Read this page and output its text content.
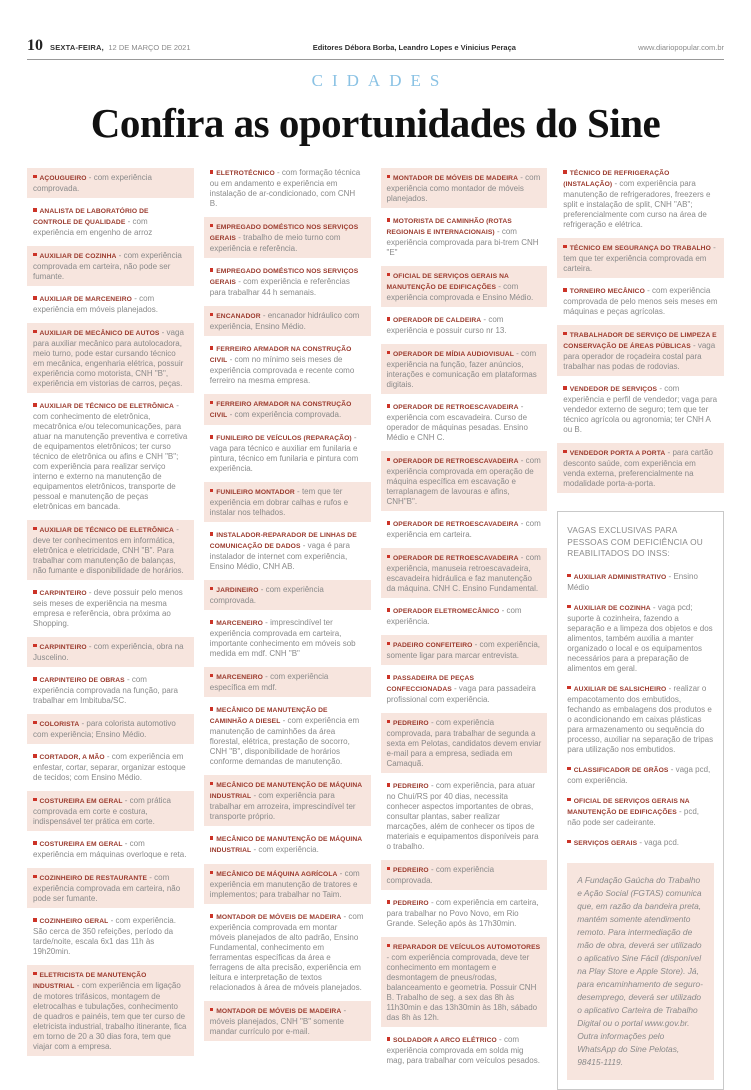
10 SEXTA-FEIRA, 12 DE MARÇO DE 2021	Editores Débora Borba, Leandro Lopes e Vinicius Peraça	www.diariopopular.com.br
CIDADES
Confira as oportunidades do Sine

AÇOUGUEIRO - com experiência comprovada.

ANALISTA DE LABORATÓRIO DE CONTROLE DE QUALIDADE - com experiência em engenho de arroz

AUXILIAR DE COZINHA - com experiência comprovada em carteira, não pode ser fumante.

AUXILIAR DE MARCENEIRO - com experiência em móveis planejados.

AUXILIAR DE MECÂNICO DE AUTOS - vaga para auxiliar mecânico para autolocadora, meio turno, pode estar cursando técnico em mecânica, engenharia elétrica, possuir experiência como motorista, CNH "B", experiência em vistorias de carros, peças.

AUXILIAR DE TÉCNICO DE ELETRÔNICA - com conhecimento de eletrônica, mecatrônica e/ou telecomunicações, para atuar na manutenção preventiva e corretiva de equipamentos eletrônicos; ter curso técnico de eletrônica ou afins e CNH "B"; com experiência para realizar serviço interno e externo na manutenção de equipamentos eletrônicos, transporte de pessoal e manutenção de peças eletrônicas em bancada.

AUXILIAR DE TÉCNICO DE ELETRÔNICA - deve ter conhecimentos em informática, eletrônica e eletricidade, CNH "B". Para trabalhar com manutenção de balanças, não fumante e disponibilidade de horários.

CARPINTEIRO - deve possuir pelo menos seis meses de experiência na mesma empresa e referência, obra próxima ao Shopping.

CARPINTEIRO - com experiência, obra na Juscelino.

CARPINTEIRO DE OBRAS - com experiência comprovada na função, para trabalhar em Imbituba/SC.

COLORISTA - para colorista automotivo com experiência; Ensino Médio.

CORTADOR, A MÃO - com experiência em enfestar, cortar, separar, organizar estoque de tecidos; com Ensino Médio.

COSTUREIRA EM GERAL - com prática comprovada em corte e costura, indispensável ter prática em corte.

COSTUREIRA EM GERAL - com experiência em máquinas overloque e reta.

COZINHEIRO DE RESTAURANTE - com experiência comprovada em carteira, não pode ser fumante.

COZINHEIRO GERAL - com experiência. São cerca de 350 refeições, período da tarde/noite, escala 6x1 das 11h às 19h20min.

ELETRICISTA DE MANUTENÇÃO INDUSTRIAL - com experiência em ligação de motores trifásicos, montagem de eletrocalhas e tubulações, conhecimento de quadros e painéis, tem que ter curso de eletricista industrial, trabalho itinerante, fica em torno de 20 a 30 dias fora, tem que viajar com a empresa.

ELETROTÉCNICO - com formação técnica ou em andamento e experiência em instalação de ar-condicionado, com CNH B.

EMPREGADO DOMÉSTICO NOS SERVIÇOS GERAIS - trabalho de meio turno com experiência e referência.

EMPREGADO DOMÉSTICO NOS SERVIÇOS GERAIS - com experiência e referências para trabalhar 44 h semanais.

ENCANADOR - encanador hidráulico com experiência, Ensino Médio.

FERREIRO ARMADOR NA CONSTRUÇÃO CIVIL - com no mínimo seis meses de experiência comprovada e recente como ferreiro na mesma empresa.

FERREIRO ARMADOR NA CONSTRUÇÃO CIVIL - com experiência comprovada.

FUNILEIRO DE VEÍCULOS (REPARAÇÃO) - vaga para técnico e auxiliar em funilaria e pintura, técnico em funilaria e pintura com experiência.

FUNILEIRO MONTADOR - tem que ter experiência em dobrar calhas e rufos e instalar nos telhados.

INSTALADOR-REPARADOR DE LINHAS DE COMUNICAÇÃO DE DADOS - vaga é para instalador de internet com experiência, Ensino Médio, CNH AB.

JARDINEIRO - com experiência comprovada.

MARCENEIRO - imprescindível ter experiência comprovada em carteira, importante conhecimento em móveis sob medida em mdf. CNH "B"

MARCENEIRO - com experiência específica em mdf.

MECÂNICO DE MANUTENÇÃO DE CAMINHÃO A DIESEL - com experiência em manutenção de caminhões da área florestal, elétrica, prestação de socorro, CNH "B", disponibilidade de horários conforme demandas de manutenção.

MECÂNICO DE MANUTENÇÃO DE MÁQUINA INDUSTRIAL - com experiência para trabalhar em arrozeira, imprescindível ter transporte próprio.

MECÂNICO DE MANUTENÇÃO DE MÁQUINA INDUSTRIAL - com experiência.

MECÂNICO DE MÁQUINA AGRÍCOLA - com experiência em manutenção de tratores e implementos; para trabalhar no Taim.

MONTADOR DE MÓVEIS DE MADEIRA - com experiência comprovada em montar móveis planejados de alto padrão, Ensino Fundamental, conhecimento em ferramentas específicas da área e ferragens de alta precisão, experiência em leitura e interpretação de textos relacionados à área de móveis planejados.

MONTADOR DE MÓVEIS DE MADEIRA - móveis planejados, CNH "B" somente mandar currículo por e-mail.

MONTADOR DE MÓVEIS DE MADEIRA - com experiência como montador de móveis planejados.

MOTORISTA DE CAMINHÃO (ROTAS REGIONAIS E INTERNACIONAIS) - com experiência comprovada para bi-trem CNH "E"

OFICIAL DE SERVIÇOS GERAIS NA MANUTENÇÃO DE EDIFICAÇÕES - com experiência comprovada e Ensino Médio.

OPERADOR DE CALDEIRA - com experiência e possuir curso nr 13.

OPERADOR DE MÍDIA AUDIOVISUAL - com experiência na função, fazer anúncios, interações e comunicação em plataformas digitais.

OPERADOR DE RETROESCAVADEIRA - experiência com escavadeira. Curso de operador de máquinas pesadas. Ensino Médio e CNH C.

OPERADOR DE RETROESCAVADEIRA - com experiência comprovada em operação de máquina específica em escavação e terraplanagem de lavouras e afins, CNH"B".

OPERADOR DE RETROESCAVADEIRA - com experiência em carteira.

OPERADOR DE RETROESCAVADEIRA - com experiência, manuseia retroescavadeira, escavadeira hidráulica e faz manutenção da máquina. CNH C. Ensino Fundamental.

OPERADOR ELETROMECÂNICO - com experiência.

PADEIRO CONFEITEIRO - com experiência, somente ligar para marcar entrevista.

PASSADEIRA DE PEÇAS CONFECCIONADAS - vaga para passadeira profissional com experiência.

PEDREIRO - com experiência comprovada, para trabalhar de segunda a sexta em Pelotas, candidatos devem enviar e-mail para a empresa, sediada em Camaquã.

PEDREIRO - com experiência, para atuar no Chuí/RS por 40 dias, necessita conhecer aspectos importantes de obras, consultar plantas, saber realizar marcações, além de conhecer os tipos de materiais e equipamentos disponíveis para o trabalho.

PEDREIRO - com experiência comprovada.

PEDREIRO - com experiência em carteira, para trabalhar no Povo Novo, em Rio Grande. Seleção após às 17h30min.

REPARADOR DE VEÍCULOS AUTOMOTORES - com experiência comprovada, deve ter conhecimento em montagem e desmontagem de pneus/rodas, balanceamento e geometria. Possuir CNH B. Trabalho de seg. a sex das 8h às 11h30min e das 13h30min às 18h, sábado das 8h às 12h.

SOLDADOR A ARCO ELÉTRICO - com experiência comprovada em solda mig mag, para trabalhar com veículos pesados.

TÉCNICO DE REFRIGERAÇÃO (INSTALAÇÃO) - com experiência para manutenção de refrigeradores, freezers e split e instalação de split, CNH "AB"; preferencialmente com curso na área de refrigeração e elétrica.

TÉCNICO EM SEGURANÇA DO TRABALHO - tem que ter experiência comprovada em carteira.

TORNEIRO MECÂNICO - com experiência comprovada de pelo menos seis meses em máquinas e peças agrícolas.

TRABALHADOR DE SERVIÇO DE LIMPEZA E CONSERVAÇÃO DE ÁREAS PÚBLICAS - vaga para operador de roçadeira costal para trabalhar nas podas de rodovias.

VENDEDOR DE SERVIÇOS - com experiência e perfil de vendedor; vaga para vendedor externo de seguro; tem que ter técnico agrícola ou agronomia; ter CNH A ou B.

VENDEDOR PORTA A PORTA - para cartão desconto saúde, com experiência em venda externa, preferencialmente na modalidade porta-a-porta.

VAGAS EXCLUSIVAS PARA PESSOAS COM DEFICIÊNCIA OU REABILITADOS DO INSS:

AUXILIAR ADMINISTRATIVO - Ensino Médio

AUXILIAR DE COZINHA - vaga pcd; suporte à cozinheira, fazendo a separação e a limpeza dos objetos e dos alimentos, também auxilia a manter organizado o local e os equipamentos necessários para a preparação de alimentos em geral.

AUXILIAR DE SALSICHEIRO - realizar o empacotamento dos embutidos, fechando as embalagens dos produtos e o acondicionando em caixas plásticas para armazenamento ou sequência do processo, auxiliar na separação de tripas para utilização nos embutidos.

CLASSIFICADOR DE GRÃOS - vaga pcd, com experiência.

OFICIAL DE SERVIÇOS GERAIS NA MANUTENÇÃO DE EDIFICAÇÕES - pcd, não pode ser cadeirante.

SERVIÇOS GERAIS - vaga pcd.

A Fundação Gaúcha do Trabalho e Ação Social (FGTAS) comunica que, em razão da bandeira preta, mantém somente atendimento remoto. Para intermediação de mão de obra, deverá ser utilizado o aplicativo Sine Fácil (disponível na Play Store e Apple Store). Já, para encaminhamento de seguro-desemprego, deverá ser utilizado o aplicativo Carteira de Trabalho Digital ou o portal www.gov.br. Outra informações pelo WhatsApp do Sine Pelotas, 98415-1119.
